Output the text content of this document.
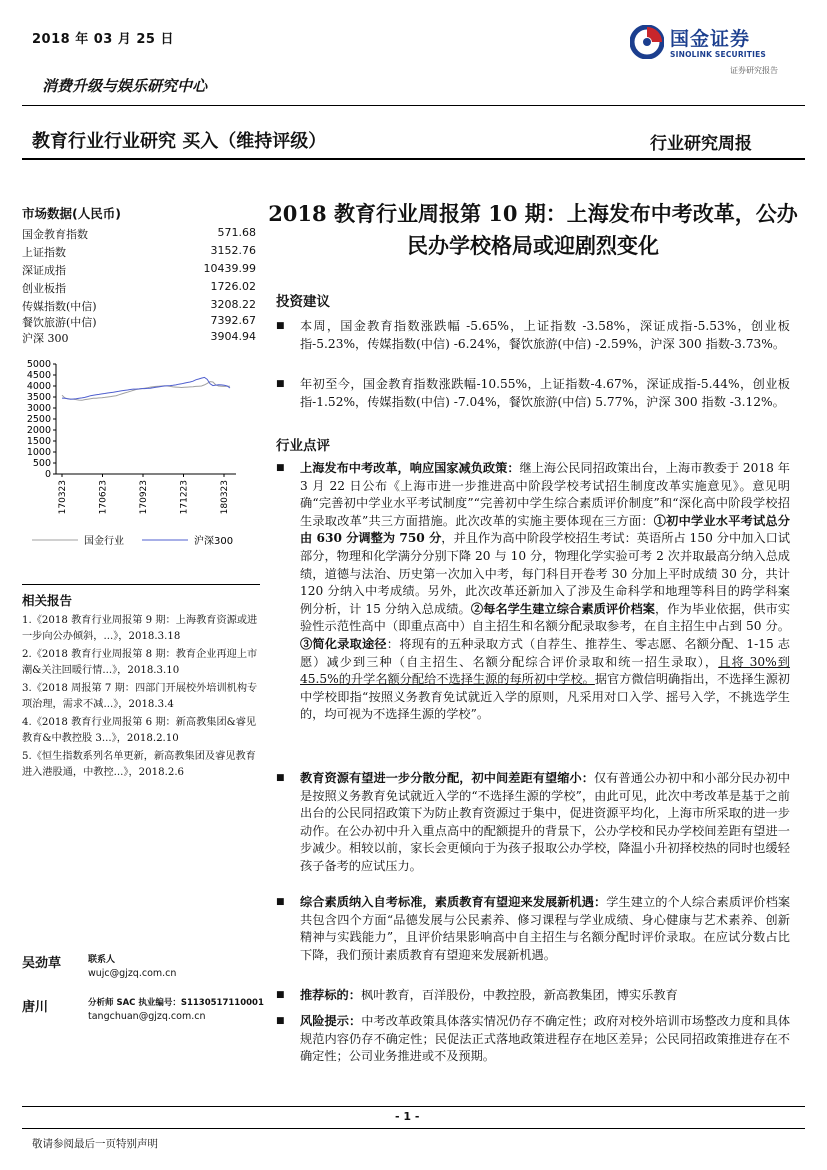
2018 年 03 月 25 日	国金证券
SINOLINK SECURITIES
证券研究报告
消费升级与娱乐研究中心
教育行业行业研究 买入（维持评级）	行业研究周报
市场数据(人民币)
国金教育指数	571.68
上证指数	3152.76
深证成指	10439.99
创业板指	1726.02
传媒指数(中信)	3208.22
餐饮旅游(中信)	7392.67
沪深 300	3904.94
5000
4500
4000
3500
3000
2500
2000
1500
1000
500
0
170323	170623	170923	171223	180323
国金行业	沪深300
相关报告
1.《2018 教育行业周报第 9 期：上海教育资源或进一步向公办倾斜，...》，2018.3.18
2.《2018 教育行业周报第 8 期：教育企业再迎上市潮&关注回暖行情...》，2018.3.10
3.《2018 周报第 7 期：四部门开展校外培训机构专项治理，需求不减...》，2018.3.4
4.《2018 教育行业周报第 6 期：新高教集团&睿见教育&中教控股 3...》，2018.2.10
5.《恒生指数系列名单更新，新高教集团及睿见教育进入港股通，中教控...》，2018.2.6
吴劲草	联系人
wujc@gjzq.com.cn
唐川	分析师 SAC 执业编号：S1130517110001
tangchuan@gjzq.com.cn
2018 教育行业周报第 10 期：上海发布中考改革，公办民办学校格局或迎剧烈变化
投资建议
■ 本周，国金教育指数涨跌幅 -5.65%，上证指数 -3.58%，深证成指-5.53%，创业板指-5.23%，传媒指数(中信) -6.24%，餐饮旅游(中信) -2.59%，沪深 300 指数-3.73%。
■ 年初至今，国金教育指数涨跌幅-10.55%，上证指数-4.67%，深证成指-5.44%，创业板指-1.52%，传媒指数(中信) -7.04%，餐饮旅游(中信) 5.77%，沪深 300 指数 -3.12%。
行业点评
■ 上海发布中考改革，响应国家减负政策：继上海公民同招政策出台，上海市教委于 2018 年 3 月 22 日公布《上海市进一步推进高中阶段学校考试招生制度改革实施意见》。意见明确“完善初中学业水平考试制度”“完善初中学生综合素质评价制度”和“深化高中阶段学校招生录取改革”共三方面措施。此次改革的实施主要体现在三方面：①初中学业水平考试总分由 630 分调整为 750 分，并且作为高中阶段学校招生考试：英语所占 150 分中加入口试部分，物理和化学满分分别下降 20 与 10 分，物理化学实验可考 2 次并取最高分纳入总成绩，道德与法治、历史第一次加入中考，每门科目开卷考 30 分加上平时成绩 30 分，共计 120 分纳入中考成绩。另外，此次改革还新加入了涉及生命科学和地理等科目的跨学科案例分析，计 15 分纳入总成绩。②每名学生建立综合素质评价档案，作为毕业依据，供市实验性示范性高中（即重点高中）自主招生和名额分配录取参考，在自主招生中占到 50 分。③简化录取途径：将现有的五种录取方式（自荐生、推荐生、零志愿、名额分配、1-15 志愿）减少到三种（自主招生、名额分配综合评价录取和统一招生录取），且将 30%到 45.5%的升学名额分配给不选择生源的每所初中学校。据官方微信明确指出，不选择生源初中学校即指“按照义务教育免试就近入学的原则，凡采用对口入学、摇号入学，不挑选学生的，均可视为不选择生源的学校”。
■ 教育资源有望进一步分散分配，初中间差距有望缩小：仅有普通公办初中和小部分民办初中是按照义务教育免试就近入学的“不选择生源的学校”，由此可见，此次中考改革是基于之前出台的公民同招政策下为防止教育资源过于集中，促进资源平均化，上海市所采取的进一步动作。在公办初中升入重点高中的配额提升的背景下，公办学校和民办学校间差距有望进一步减少。相较以前，家长会更倾向于为孩子报取公办学校，降温小升初择校热的同时也缓轻孩子备考的应试压力。
■ 综合素质纳入自考标准，素质教育有望迎来发展新机遇：学生建立的个人综合素质评价档案共包含四个方面“品德发展与公民素养、修习课程与学业成绩、身心健康与艺术素养、创新精神与实践能力”，且评价结果影响高中自主招生与名额分配时评价录取。在应试分数占比下降，我们预计素质教育有望迎来发展新机遇。
■ 推荐标的：枫叶教育，百洋股份，中教控股，新高教集团，博实乐教育
■ 风险提示：中考改革政策具体落实情况仍存不确定性；政府对校外培训市场整改力度和具体规范内容仍存不确定性；民促法正式落地政策进程存在地区差异；公民同招政策推进存在不确定性；公司业务推进或不及预期。
- 1 -
敬请参阅最后一页特别声明
